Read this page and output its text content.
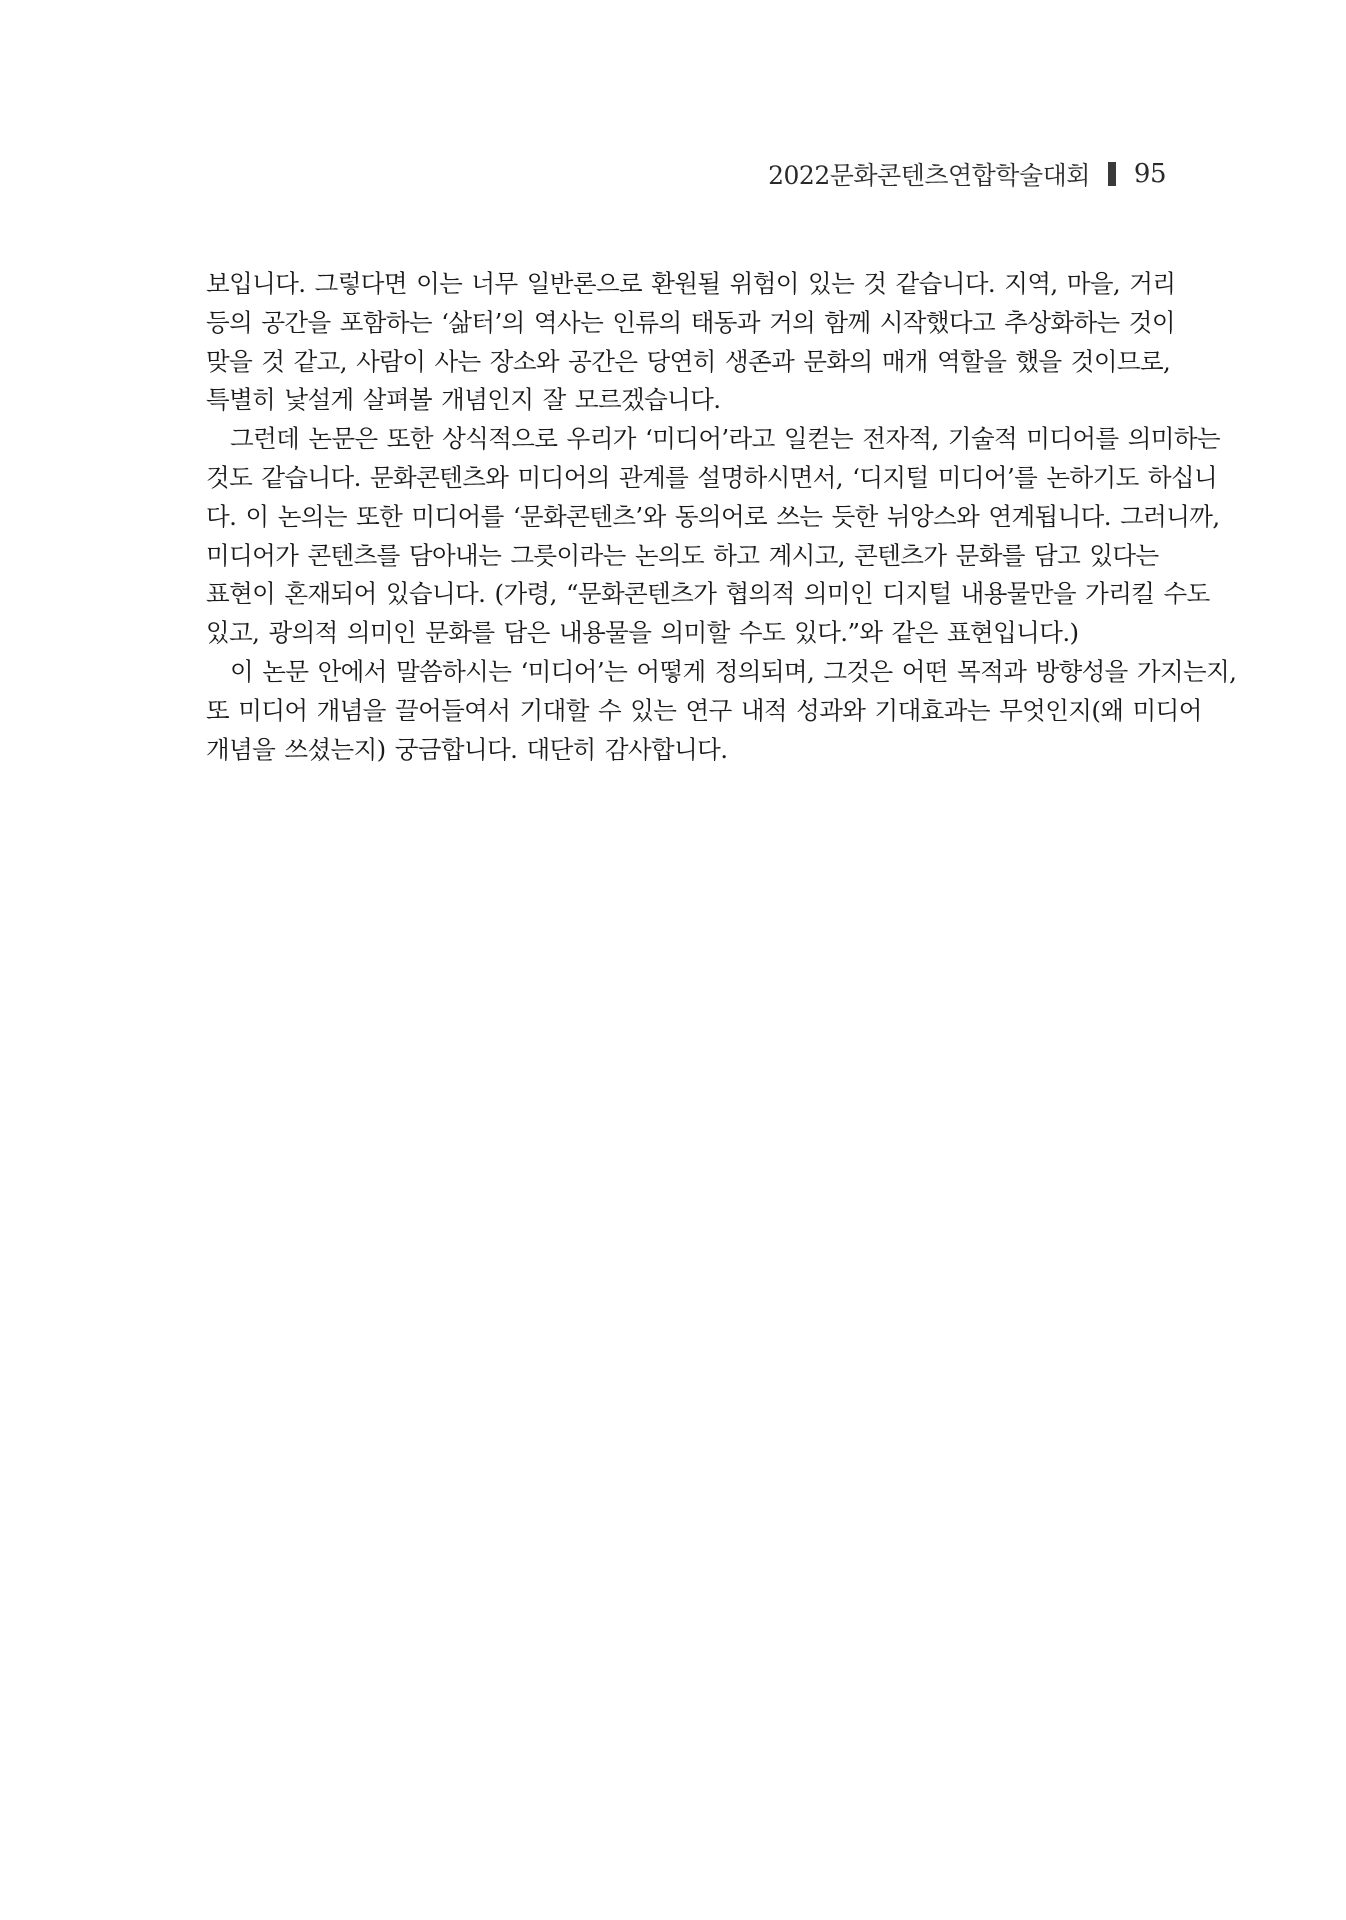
2022문화콘텐츠연합학술대회 95

보입니다. 그렇다면 이는 너무 일반론으로 환원될 위험이 있는 것 같습니다. 지역, 마을, 거리
등의 공간을 포함하는 ‘삶터’의 역사는 인류의 태동과 거의 함께 시작했다고 추상화하는 것이
맞을 것 같고, 사람이 사는 장소와 공간은 당연히 생존과 문화의 매개 역할을 했을 것이므로,
특별히 낯설게 살펴볼 개념인지 잘 모르겠습니다.

그런데 논문은 또한 상식적으로 우리가 ‘미디어’라고 일컫는 전자적, 기술적 미디어를 의미하는
것도 같습니다. 문화콘텐츠와 미디어의 관계를 설명하시면서, ‘디지털 미디어’를 논하기도 하십니
다. 이 논의는 또한 미디어를 ‘문화콘텐츠’와 동의어로 쓰는 듯한 뉘앙스와 연계됩니다. 그러니까,
미디어가 콘텐츠를 담아내는 그릇이라는 논의도 하고 계시고, 콘텐츠가 문화를 담고 있다는
표현이 혼재되어 있습니다. (가령, “문화콘텐츠가 협의적 의미인 디지털 내용물만을 가리킬 수도
있고, 광의적 의미인 문화를 담은 내용물을 의미할 수도 있다.”와 같은 표현입니다.)

이 논문 안에서 말씀하시는 ‘미디어’는 어떻게 정의되며, 그것은 어떤 목적과 방향성을 가지는지,
또 미디어 개념을 끌어들여서 기대할 수 있는 연구 내적 성과와 기대효과는 무엇인지(왜 미디어
개념을 쓰셨는지) 궁금합니다. 대단히 감사합니다.
